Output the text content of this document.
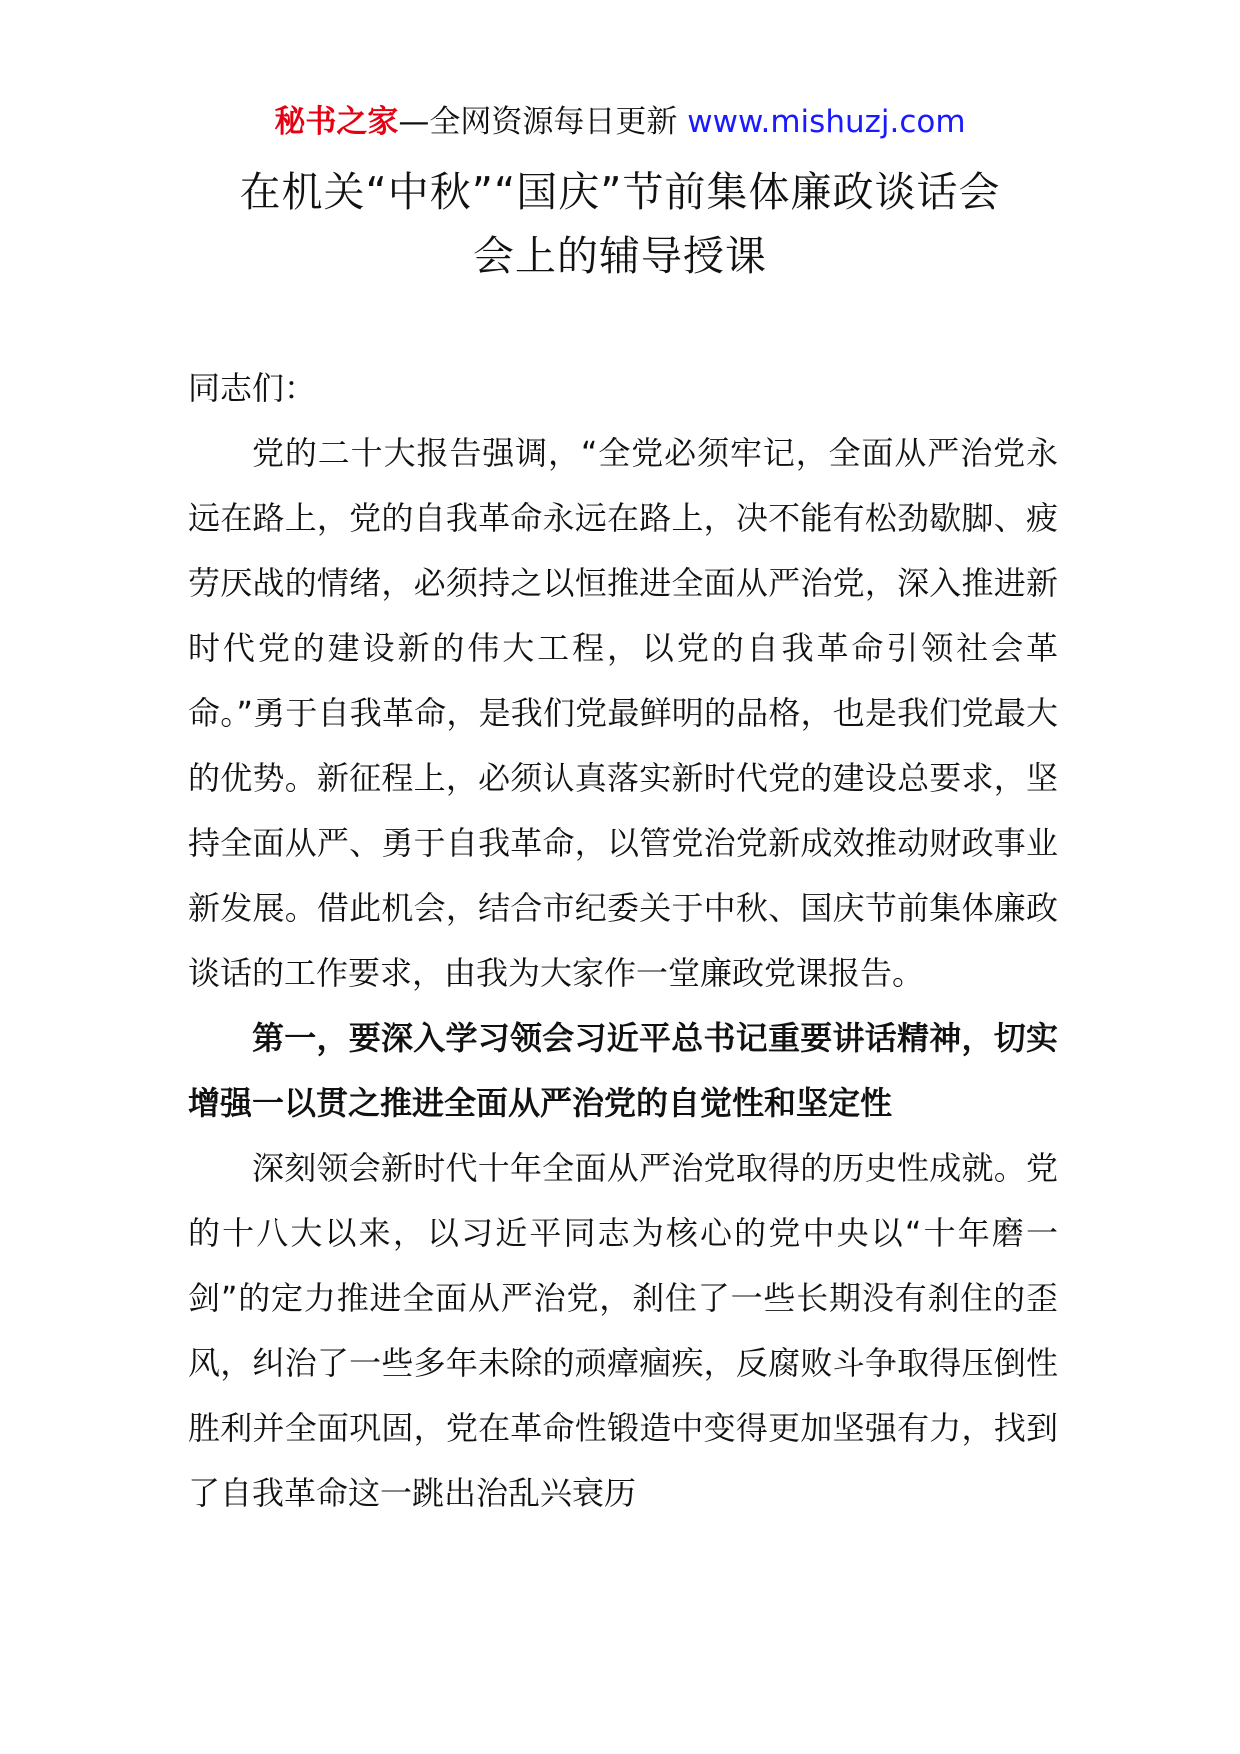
秘书之家—全网资源每日更新 www.mishuzj.com
在机关“中秋”“国庆”节前集体廉政谈话会
会上的辅导授课

同志们：

党的二十大报告强调，“全党必须牢记，全面从严治党永远在路上，党的自我革命永远在路上，决不能有松劲歇脚、疲劳厌战的情绪，必须持之以恒推进全面从严治党，深入推进新时代党的建设新的伟大工程，以党的自我革命引领社会革命。”勇于自我革命，是我们党最鲜明的品格，也是我们党最大的优势。新征程上，必须认真落实新时代党的建设总要求，坚持全面从严、勇于自我革命，以管党治党新成效推动财政事业新发展。借此机会，结合市纪委关于中秋、国庆节前集体廉政谈话的工作要求，由我为大家作一堂廉政党课报告。

第一，要深入学习领会习近平总书记重要讲话精神，切实增强一以贯之推进全面从严治党的自觉性和坚定性

深刻领会新时代十年全面从严治党取得的历史性成就。党的十八大以来，以习近平同志为核心的党中央以“十年磨一剑”的定力推进全面从严治党，刹住了一些长期没有刹住的歪风，纠治了一些多年未除的顽瘴痼疾，反腐败斗争取得压倒性胜利并全面巩固，党在革命性锻造中变得更加坚强有力，找到了自我革命这一跳出治乱兴衰历
